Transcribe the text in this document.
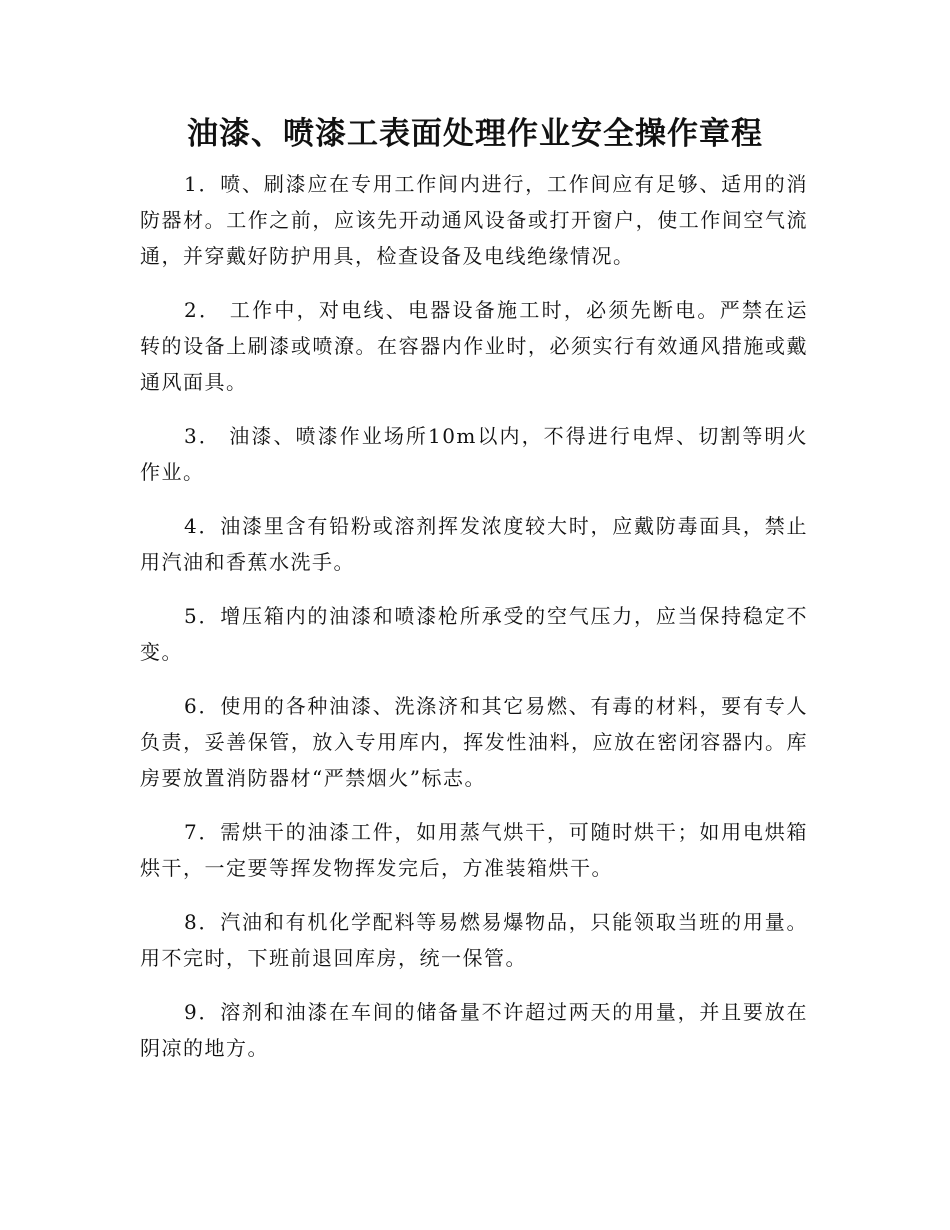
油漆、喷漆工表面处理作业安全操作章程

1．喷、刷漆应在专用工作间内进行，工作间应有足够、适用的消防器材。工作之前，应该先开动通风设备或打开窗户，使工作间空气流通，并穿戴好防护用具，检查设备及电线绝缘情况。

2． 工作中，对电线、电器设备施工时，必须先断电。严禁在运转的设备上刷漆或喷潦。在容器内作业时，必须实行有效通风措施或戴通风面具。

3． 油漆、喷漆作业场所10m以内，不得进行电焊、切割等明火作业。

4．油漆里含有铅粉或溶剂挥发浓度较大时，应戴防毒面具，禁止用汽油和香蕉水洗手。

5．增压箱内的油漆和喷漆枪所承受的空气压力，应当保持稳定不变。

6．使用的各种油漆、洗涤济和其它易燃、有毒的材料，要有专人负责，妥善保管，放入专用库内，挥发性油料，应放在密闭容器内。库房要放置消防器材“严禁烟火”标志。

7．需烘干的油漆工件，如用蒸气烘干，可随时烘干；如用电烘箱烘干，一定要等挥发物挥发完后，方准装箱烘干。

8．汽油和有机化学配料等易燃易爆物品，只能领取当班的用量。用不完时，下班前退回库房，统一保管。

9．溶剂和油漆在车间的储备量不许超过两天的用量，并且要放在阴凉的地方。
